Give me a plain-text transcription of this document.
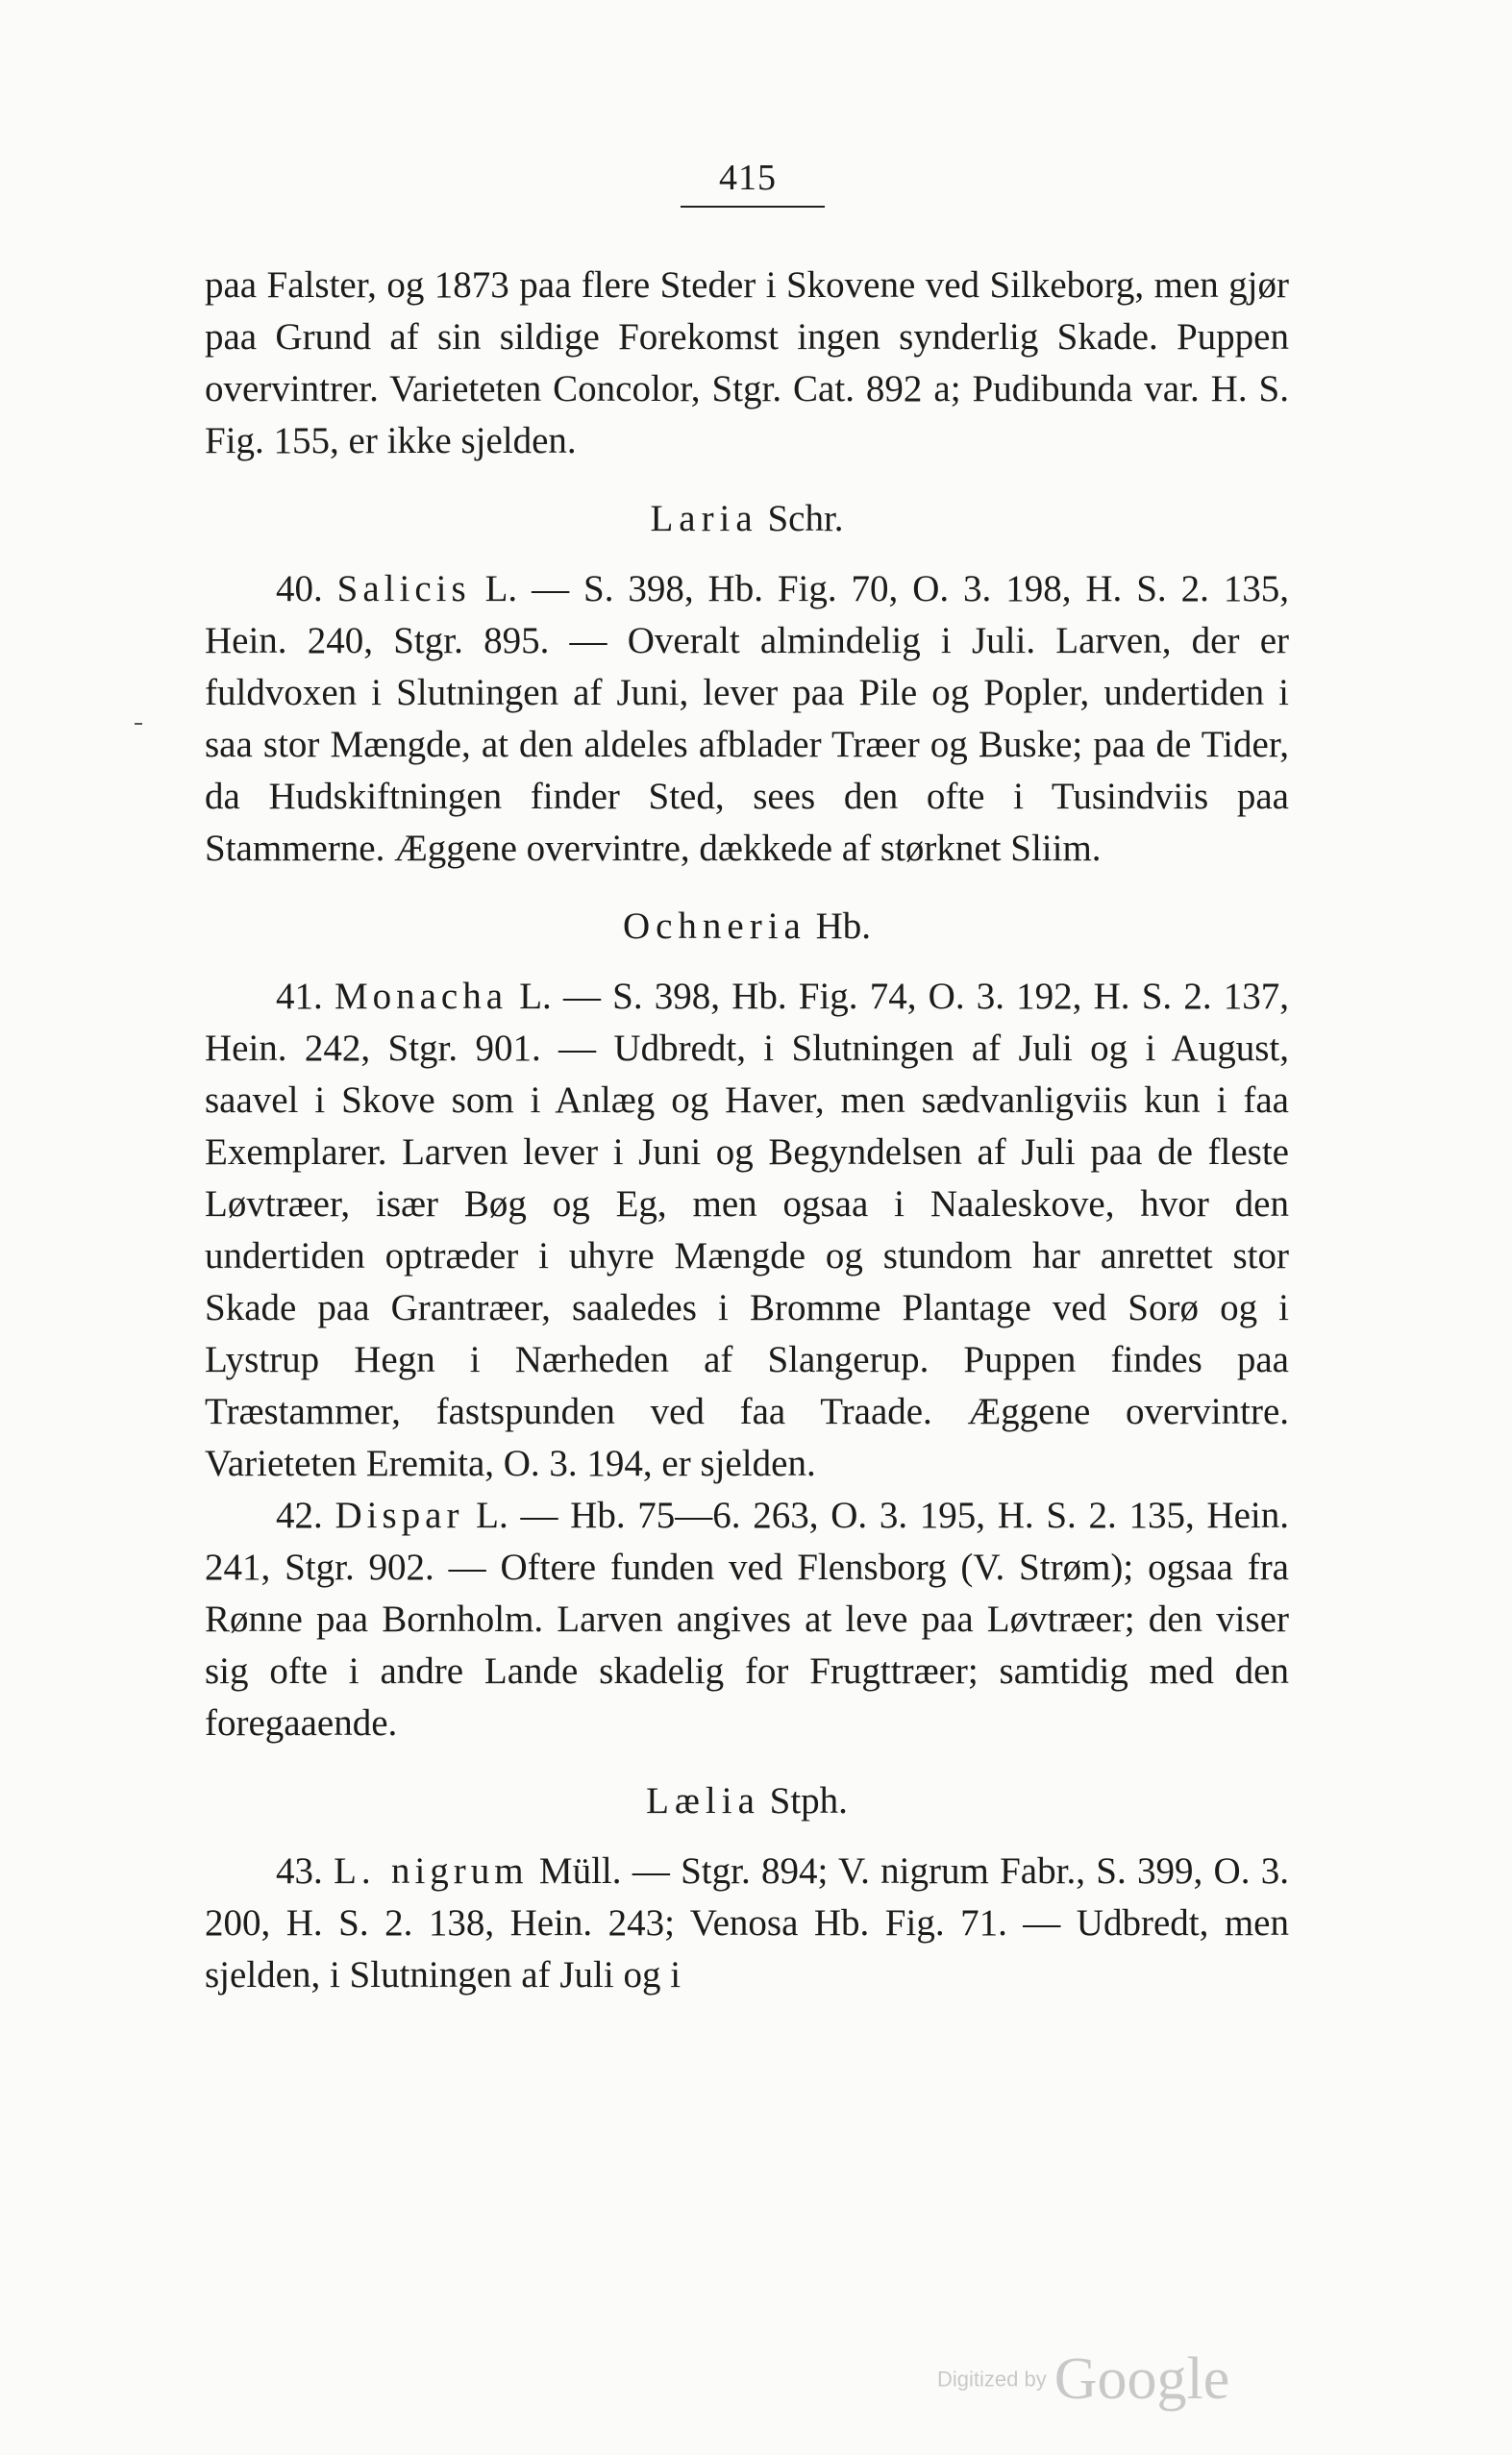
415

paa Falster, og 1873 paa flere Steder i Skovene ved Silkeborg, men gjør paa Grund af sin sildige Forekomst ingen synderlig Skade. Puppen overvintrer. Varieteten Concolor, Stgr. Cat. 892 a; Pudibunda var. H. S. Fig. 155, er ikke sjelden.

Laria Schr.

40. Salicis L. — S. 398, Hb. Fig. 70, O. 3. 198, H. S. 2. 135, Hein. 240, Stgr. 895. — Overalt almindelig i Juli. Larven, der er fuldvoxen i Slutningen af Juni, lever paa Pile og Popler, undertiden i saa stor Mængde, at den aldeles afblader Træer og Buske; paa de Tider, da Hudskiftningen finder Sted, sees den ofte i Tusindviis paa Stammerne. Æggene overvintre, dækkede af størknet Sliim.

Ochneria Hb.

41. Monacha L. — S. 398, Hb. Fig. 74, O. 3. 192, H. S. 2. 137, Hein. 242, Stgr. 901. — Udbredt, i Slutningen af Juli og i August, saavel i Skove som i Anlæg og Haver, men sædvanligviis kun i faa Exemplarer. Larven lever i Juni og Begyndelsen af Juli paa de fleste Løvtræer, især Bøg og Eg, men ogsaa i Naaleskove, hvor den undertiden optræder i uhyre Mængde og stundom har anrettet stor Skade paa Grantræer, saaledes i Bromme Plantage ved Sorø og i Lystrup Hegn i Nærheden af Slangerup. Puppen findes paa Træstammer, fastspunden ved faa Traade. Æggene overvintre. Varieteten Eremita, O. 3. 194, er sjelden.

42. Dispar L. — Hb. 75—6. 263, O. 3. 195, H. S. 2. 135, Hein. 241, Stgr. 902. — Oftere funden ved Flensborg (V. Strøm); ogsaa fra Rønne paa Bornholm. Larven angives at leve paa Løvtræer; den viser sig ofte i andre Lande skadelig for Frugttræer; samtidig med den foregaaende.

Lælia Stph.

43. L. nigrum Müll. — Stgr. 894; V. nigrum Fabr., S. 399, O. 3. 200, H. S. 2. 138, Hein. 243; Venosa Hb. Fig. 71. — Udbredt, men sjelden, i Slutningen af Juli og i

Digitized by Google
